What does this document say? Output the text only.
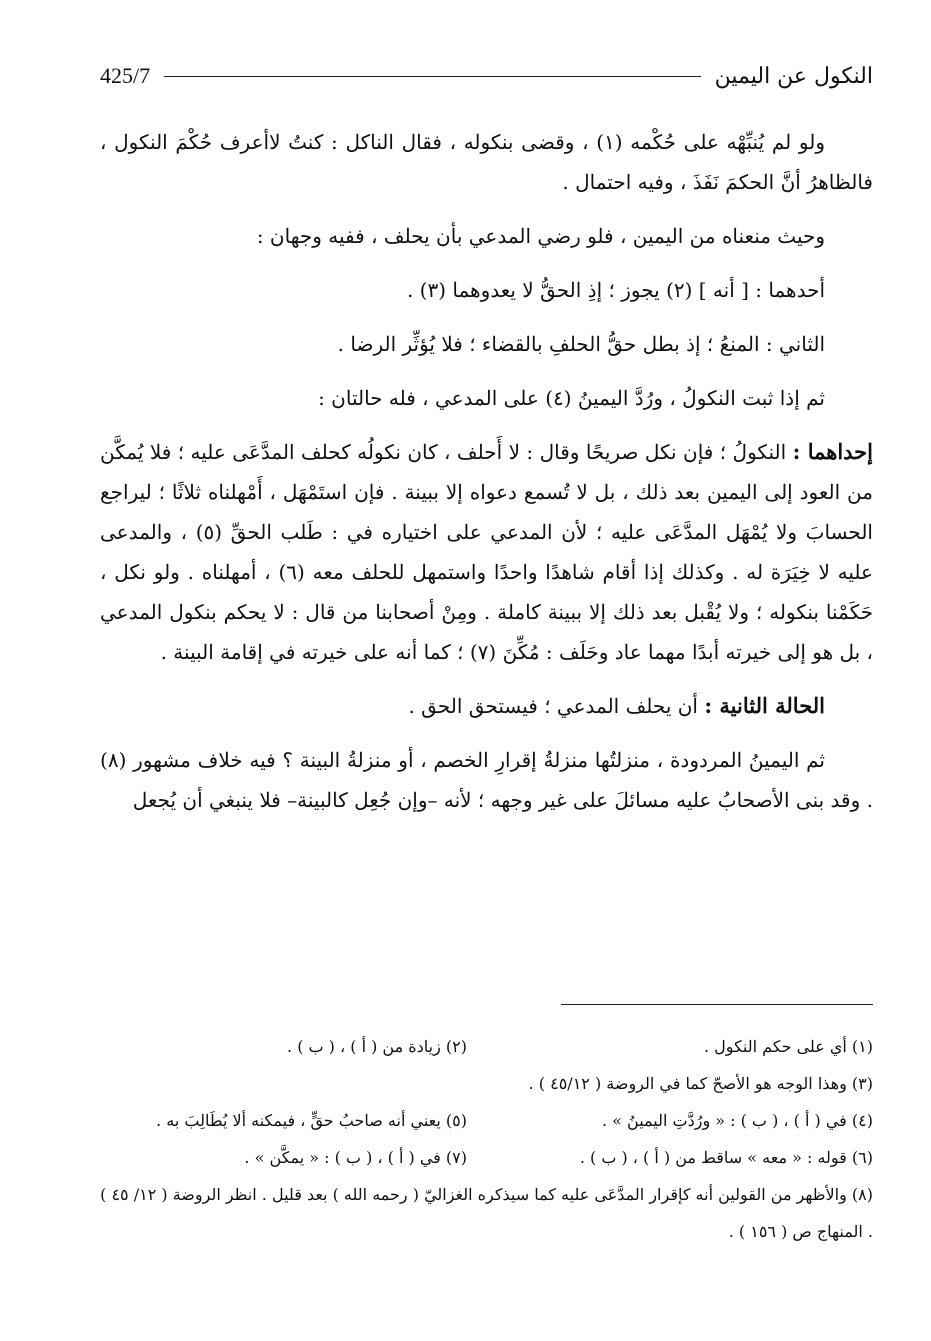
النكول عن اليمين
425/7

ولو لم يُنبِّهْه على حُكْمه (١) ، وقضى بنكوله ، فقال الناكل : كنتُ لاأعرف حُكْمَ النكول ، فالظاهرُ أنَّ الحكمَ نَفَذَ ، وفيه احتمال .

وحيث منعناه من اليمين ، فلو رضي المدعي بأن يحلف ، ففيه وجهان :

أحدهما : [ أنه ] (٢) يجوز ؛ إذِ الحقُّ لا يعدوهما (٣) .

الثاني : المنعُ ؛ إذ بطل حقُّ الحلفِ بالقضاء ؛ فلا يُؤثِّر الرضا .

ثم إذا ثبت النكولُ ، ورُدَّ اليمينُ (٤) على المدعي ، فله حالتان :

إحداهما : النكولُ ؛ فإن نكل صريحًا وقال : لا أَحلف ، كان نكولُه كحلف المدَّعَى عليه ؛ فلا يُمكَّن من العود إلى اليمين بعد ذلك ، بل لا تُسمع دعواه إلا ببينة . فإن استَمْهَل ، أَمْهلناه ثلاثًا ؛ ليراجع الحسابَ ولا يُمْهَل المدَّعَى عليه ؛ لأن المدعي على اختياره في : طَلب الحقِّ (٥) ، والمدعى عليه لا خِيَرَة له . وكذلك إذا أقام شاهدًا واحدًا واستمهل للحلف معه (٦) ، أمهلناه . ولو نكل ، حَكَمْنا بنكوله ؛ ولا يُقْبل بعد ذلك إلا ببينة كاملة . ومِنْ أصحابنا من قال : لا يحكم بنكول المدعي ، بل هو إلى خيرته أبدًا مهما عاد وحَلَف : مُكِّنَ (٧) ؛ كما أنه على خيرته في إقامة البينة .

الحالة الثانية : أن يحلف المدعي ؛ فيستحق الحق .

ثم اليمينُ المردودة ، منزلتُها منزلةُ إقرارِ الخصم ، أو منزلةُ البينة ؟ فيه خلاف مشهور (٨) . وقد بنى الأصحابُ عليه مسائلَ على غير وجهه ؛ لأنه –وإن جُعِل كالبينة– فلا ينبغي أن يُجعل

(١) أي على حكم النكول .
(٢) زيادة من ( أ ) ، ( ب ) .
(٣) وهذا الوجه هو الأصحّ كما في الروضة ( ٤٥/١٢ ) .
(٤) في ( أ ) ، ( ب ) : « ورُدَّتِ اليمينُ » .
(٥) يعني أنه صاحبُ حقٍّ ، فيمكنه ألا يُطَالِبَ به .
(٦) قوله : « معه » ساقط من ( أ ) ، ( ب ) .
(٧) في ( أ ) ، ( ب ) : « يمكَّن » .
(٨) والأظهر من القولين أنه كإقرار المدَّعَى عليه كما سيذكره الغزاليّ ( رحمه الله ) بعد قليل . انظر الروضة ( ١٢/ ٤٥ ) . المنهاج ص ( ١٥٦ ) .
